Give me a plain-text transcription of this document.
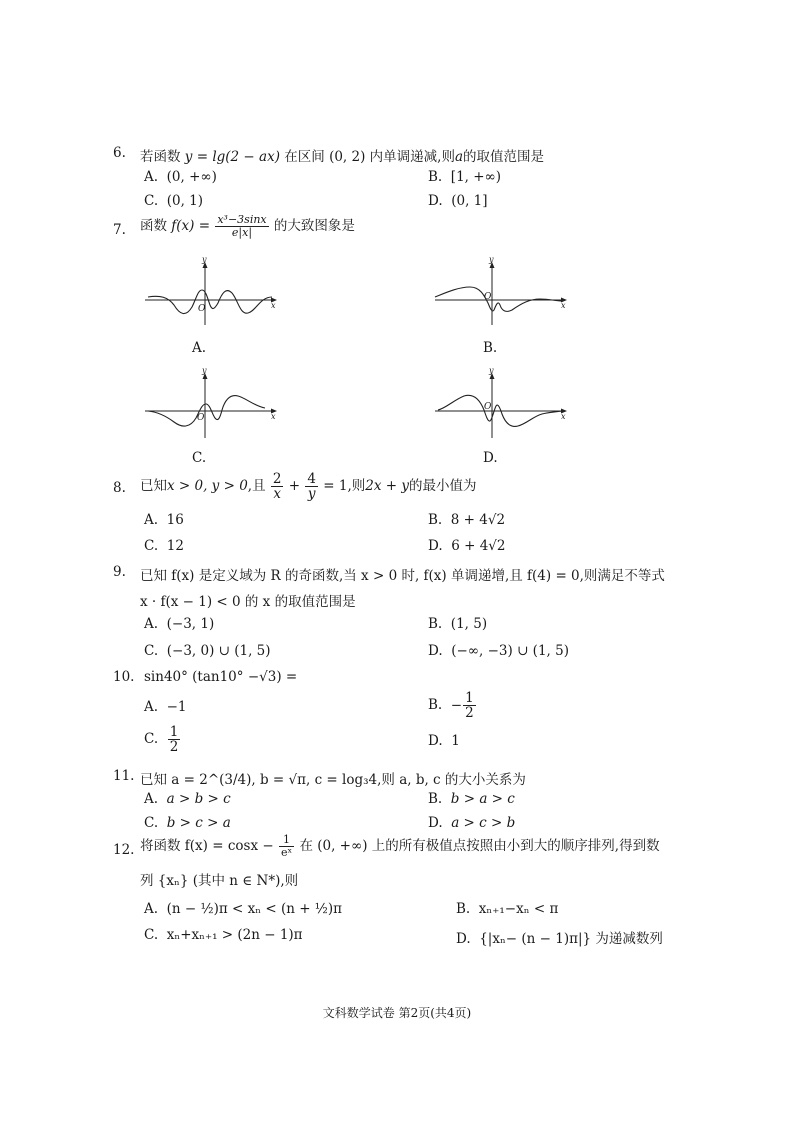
6. 若函数 y = lg(2 − ax) 在区间 (0, 2) 内单调递减,则a的取值范围是
A.  (0, +∞)	B.  [1, +∞)
C.  (0, 1)	D.  (0, 1]
7. 函数 $f(x) = \frac{\text{x³−3sinx}}{e|x|}$ 的大致图象是
y
x
O
A.
y
x
O
B.
y
x
O
C.
y
x
O
D.
8. 已知x > 0, y > 0,且 $\frac{2}{x} + \frac{4}{y} = 1$,则2x + y的最小值为
A.  16	B.  8 + 4√2
C.  12	D.  6 + 4√2
9. 已知 f(x) 是定义域为 R 的奇函数,当 x > 0 时, f(x) 单调递增,且 f(4) = 0,则满足不等式
x · f(x − 1) < 0 的 x 的取值范围是
A.  (−3, 1)	B.  (1, 5)
C.  (−3, 0) ∪ (1, 5)	D.  (−∞, −3) ∪ (1, 5)
10. sin40° (tan10° −√3) =
A.  −1	B.  − $\frac{1}{2}$
C. $\frac{1}{2}$	D.  1
11. 已知 a = 2^(3/4), b = √π, c = log₃4,则 a, b, c 的大小关系为
A.  a > b > c	B.  b > a > c
C.  b > c > a	D.  a > c > b
12. 将函数 $f(x) = \cos x - \frac{1}{\text{eˣ}}$ 在 (0, +∞) 上的所有极值点按照由小到大的顺序排列,得到数
列 {xₙ} (其中 n ∈ N*),则
A.  (n − ½)π < xₙ < (n + ½)π	B.  xₙ₊₁−xₙ < π
C.  xₙ+xₙ₊₁ > (2n − 1)π	D.  {|xₙ− (n − 1)π|} 为递减数列
文科数学试卷 第2页(共4页)
